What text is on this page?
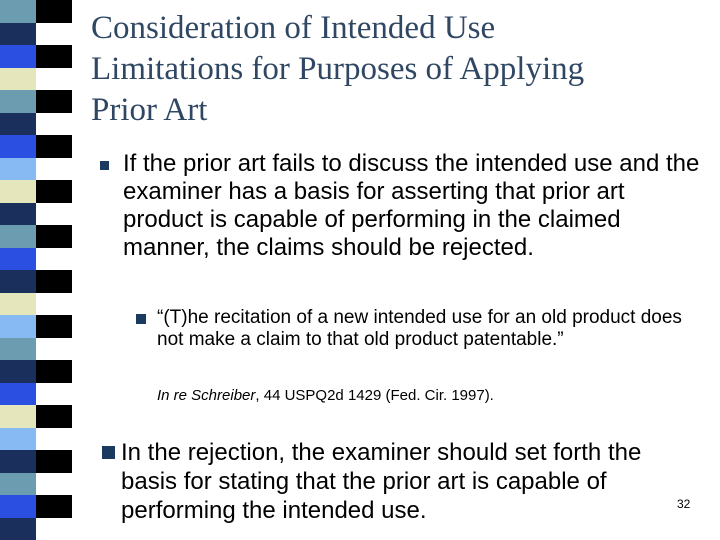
Consideration of Intended Use
Limitations for Purposes of Applying
Prior Art
If the prior art fails to discuss the intended use and the examiner has a basis for asserting that prior art product is capable of performing in the claimed manner, the claims should be rejected.
“(T)he recitation of a new intended use for an old product does not make a claim to that old product patentable.”
In re Schreiber, 44 USPQ2d 1429 (Fed. Cir. 1997).
In the rejection, the examiner should set forth the basis for stating that the prior art is capable of performing the intended use.	32
